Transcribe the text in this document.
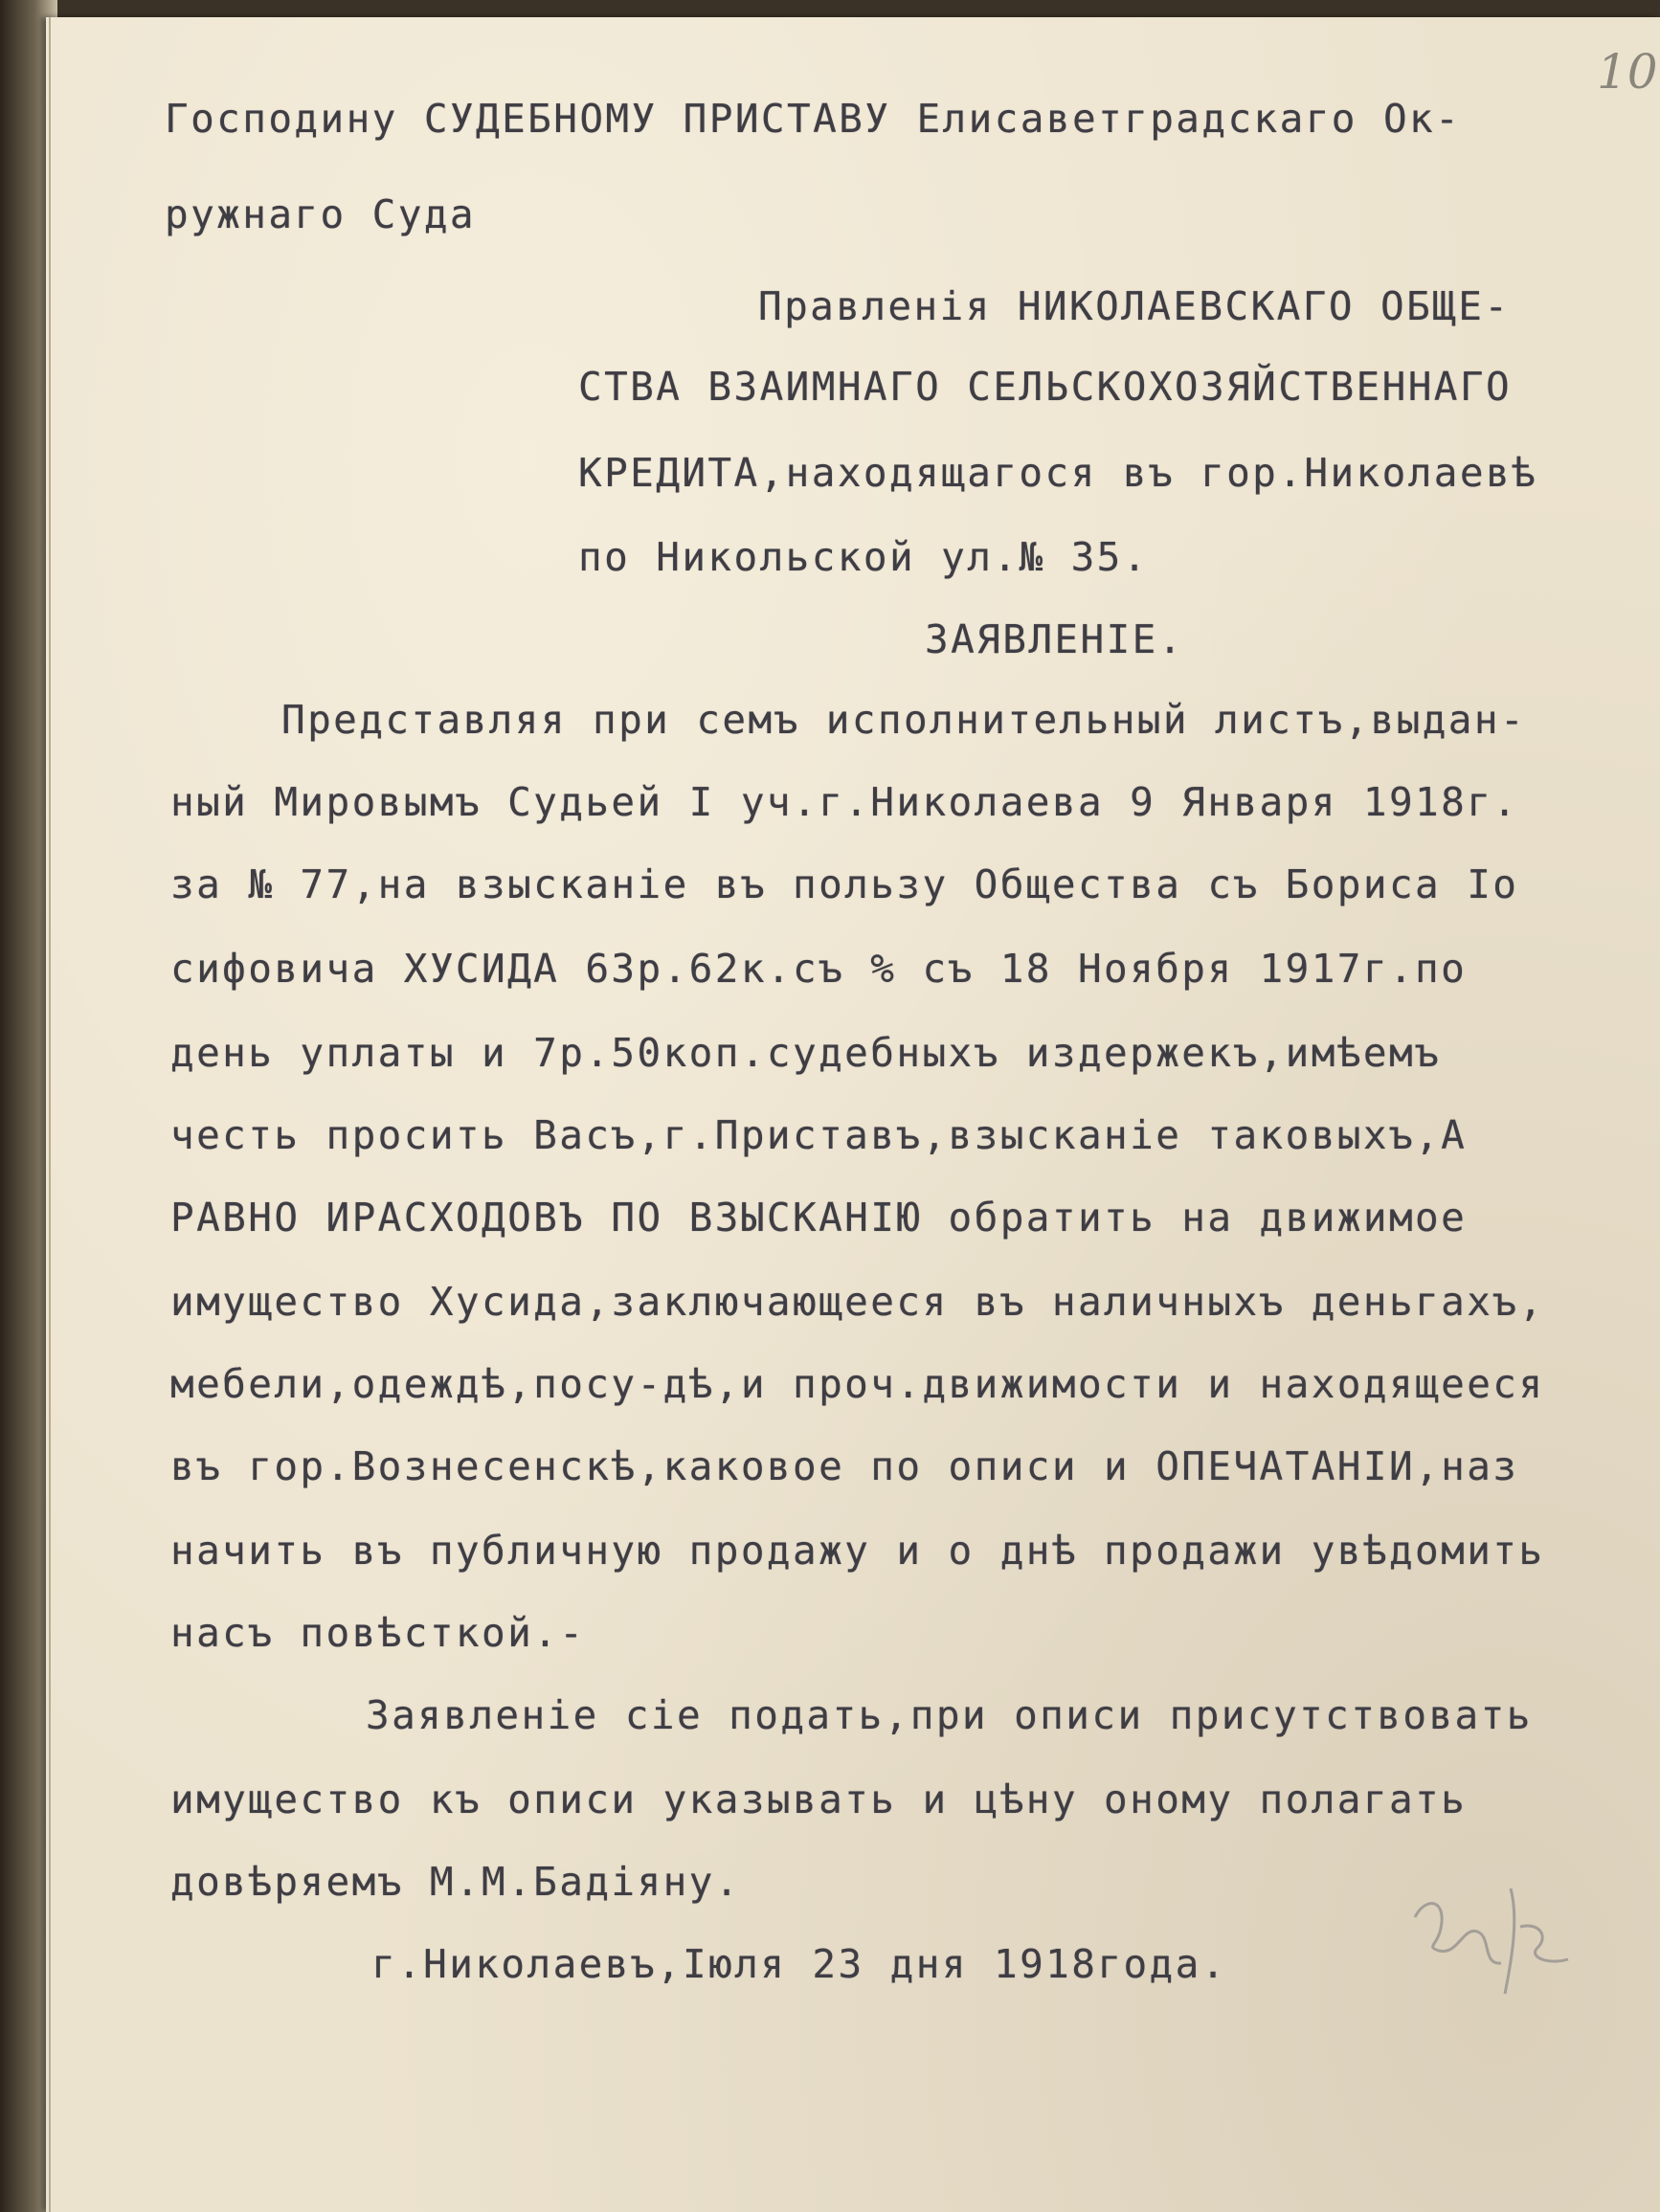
10

Господину СУДЕБНОМУ ПРИСТАВУ Елисаветградскаго Ок-

ружнаго Суда

Правленія НИКОЛАЕВСКАГО ОБЩЕ-

СТВА ВЗАИМНАГО СЕЛЬСКОХОЗЯЙСТВЕННАГО

КРЕДИТА,находящагося въ гор.Николаевѣ

по Никольской ул.№ 35.

ЗАЯВЛЕНІЕ.

Представляя при семъ исполнительный листъ,выдан-

ный Мировымъ Судьей I уч.г.Николаева 9 Января 1918г.

за № 77,на взысканіе въ пользу Общества съ Бориса Іо

сифовича ХУСИДА 63р.62к.съ % съ 18 Ноября 1917г.по

день уплаты и 7р.50коп.судебныхъ издержекъ,имѣемъ

честь просить Васъ,г.Приставъ,взысканіе таковыхъ,А

РАВНО ИРАСХОДОВЪ ПО ВЗЫСКАНІЮ обратить на движимое

имущество Хусида,заключающееся въ наличныхъ деньгахъ,

мебели,одеждѣ,посу-дѣ,и проч.движимости и находящееся

въ гор.Вознесенскѣ,каковое по описи и ОПЕЧАТАНІИ,наз

начить въ публичную продажу и о днѣ продажи увѣдомить

насъ повѣсткой.-

Заявленіе сіе подать,при описи присутствовать

имущество къ описи указывать и цѣну оному полагать

довѣряемъ М.М.Бадіяну.

г.Николаевъ,Іюля 23 дня 1918года.
